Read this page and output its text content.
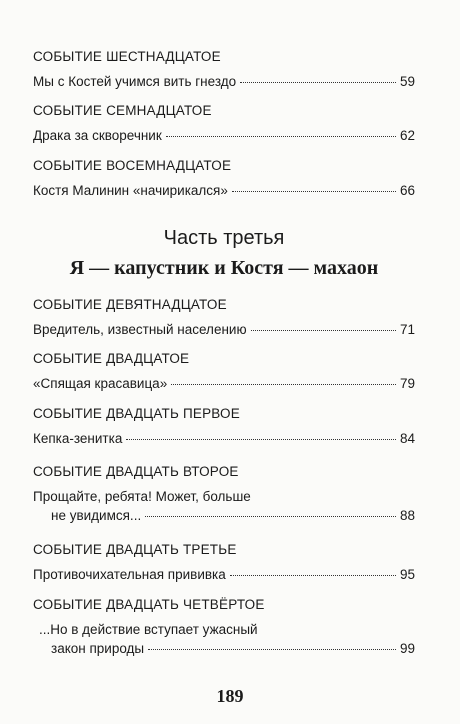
СОБЫТИЕ ШЕСТНАДЦАТОЕ
Мы с Костей учимся вить гнездо	59
СОБЫТИЕ СЕМНАДЦАТОЕ
Драка за скворечник	62
СОБЫТИЕ ВОСЕМНАДЦАТОЕ
Костя Малинин «начирикался»	66
Часть третья
Я — капустник и Костя — махаон
СОБЫТИЕ ДЕВЯТНАДЦАТОЕ
Вредитель, известный населению	71
СОБЫТИЕ ДВАДЦАТОЕ
«Спящая красавица»	79
СОБЫТИЕ ДВАДЦАТЬ ПЕРВОЕ
Кепка-зенитка	84
СОБЫТИЕ ДВАДЦАТЬ ВТОРОЕ
Прощайте, ребята! Может, больше
не увидимся...	88
СОБЫТИЕ ДВАДЦАТЬ ТРЕТЬЕ
Противочихательная прививка	95
СОБЫТИЕ ДВАДЦАТЬ ЧЕТВЁРТОЕ
...Но в действие вступает ужасный
закон природы	99
189
